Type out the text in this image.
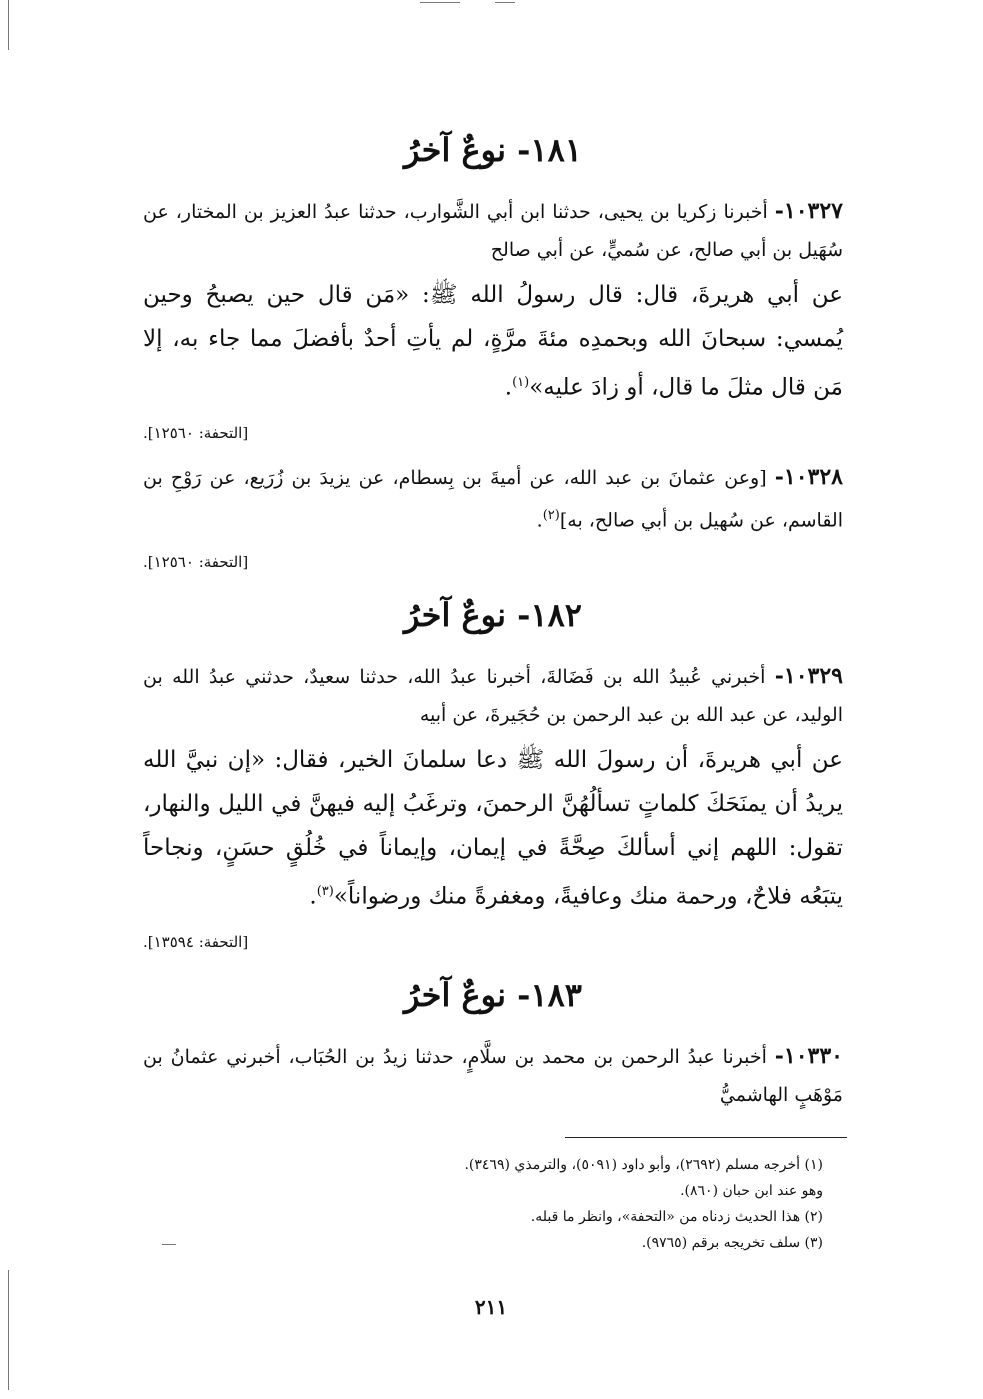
١٨١- نوعٌ آخرُ

١٠٣٢٧- أخبرنا زكريا بن يحيى، حدثنا ابن أبي الشَّوارب، حدثنا عبدُ العزيز بن المختار، عن سُهَيل بن أبي صالح، عن سُميٍّ، عن أبي صالح

عن أبي هريرةَ، قال: قال رسولُ الله ﷺ: «مَن قال حين يصبحُ وحين يُمسي: سبحانَ الله وبحمدِه مئةَ مرَّةٍ، لم يأتِ أحدٌ بأفضلَ مما جاء به، إلا مَن قال مثلَ ما قال، أو زادَ عليه»$^{(١)}$.

[التحفة: ١٢٥٦٠].

١٠٣٢٨- [وعن عثمانَ بن عبد الله، عن أميةَ بن بِسطام، عن يزيدَ بن زُرَيع، عن رَوْحِ بن القاسم، عن سُهيل بن أبي صالح، به]$^{(٢)}$.

[التحفة: ١٢٥٦٠].

١٨٢- نوعٌ آخرُ

١٠٣٢٩- أخبرني عُبيدُ الله بن فَضَالةَ، أخبرنا عبدُ الله، حدثنا سعيدٌ، حدثني عبدُ الله بن الوليد، عن عبد الله بن عبد الرحمن بن حُجَيرةَ، عن أبيه

عن أبي هريرةَ، أن رسولَ الله ﷺ دعا سلمانَ الخير، فقال: «إن نبيَّ الله يريدُ أن يمنَحَكَ كلماتٍ تسألُهُنَّ الرحمنَ، وترغَبُ إليه فيهنَّ في الليل والنهار، تقول: اللهم إني أسألكَ صِحَّةً في إيمان، وإيماناً في خُلُقٍ حسَنٍ، ونجاحاً يتبَعُه فلاحٌ، ورحمة منك وعافيةً، ومغفرةً منك ورضواناً»$^{(٣)}$.

[التحفة: ١٣٥٩٤].

١٨٣- نوعٌ آخرُ

١٠٣٣٠- أخبرنا عبدُ الرحمن بن محمد بن سلَّامٍ، حدثنا زيدُ بن الحُبَاب، أخبرني عثمانُ بن مَوْهَبٍ الهاشميُّ

(١) أخرجه مسلم (٢٦٩٢)، وأبو داود (٥٠٩١)، والترمذي (٣٤٦٩).

وهو عند ابن حبان (٨٦٠).

(٢) هذا الحديث زدناه من «التحفة»، وانظر ما قبله.

(٣) سلف تخريجه برقم (٩٧٦٥).

٢١١
